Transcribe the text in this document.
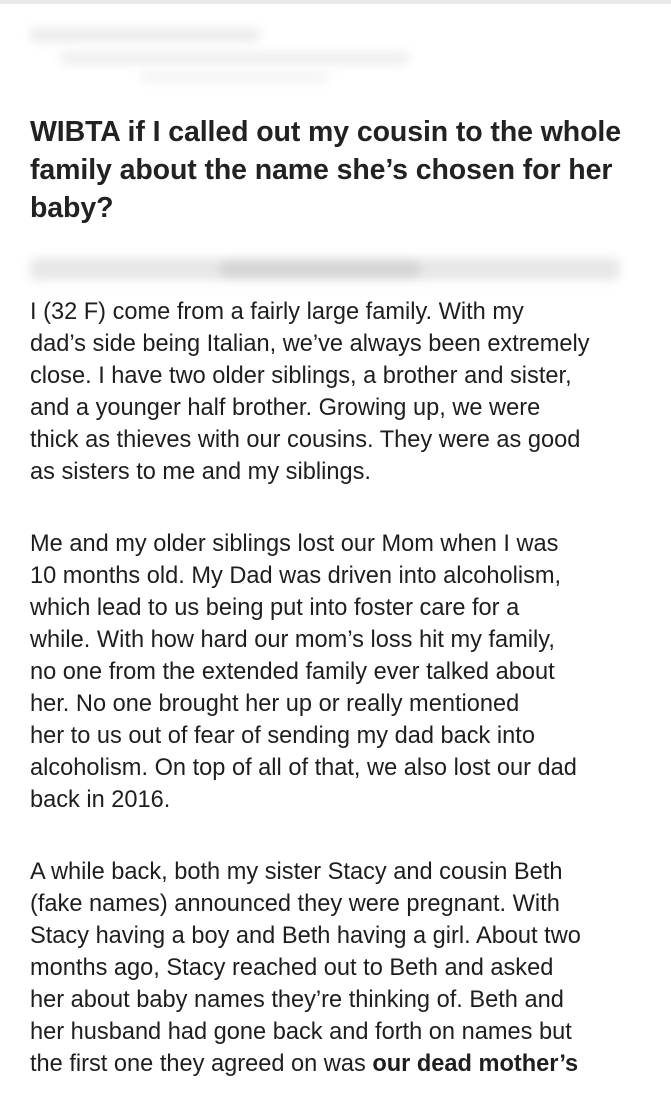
WIBTA if I called out my cousin to the whole family about the name she’s chosen for her baby?

I (32 F) come from a fairly large family. With my
dad’s side being Italian, we’ve always been extremely
close. I have two older siblings, a brother and sister,
and a younger half brother. Growing up, we were
thick as thieves with our cousins. They were as good
as sisters to me and my siblings.

Me and my older siblings lost our Mom when I was
10 months old. My Dad was driven into alcoholism,
which lead to us being put into foster care for a
while. With how hard our mom’s loss hit my family,
no one from the extended family ever talked about
her. No one brought her up or really mentioned
her to us out of fear of sending my dad back into
alcoholism. On top of all of that, we also lost our dad
back in 2016.

A while back, both my sister Stacy and cousin Beth
(fake names) announced they were pregnant. With
Stacy having a boy and Beth having a girl. About two
months ago, Stacy reached out to Beth and asked
her about baby names they’re thinking of. Beth and
her husband had gone back and forth on names but
the first one they agreed on was our dead mother’s
